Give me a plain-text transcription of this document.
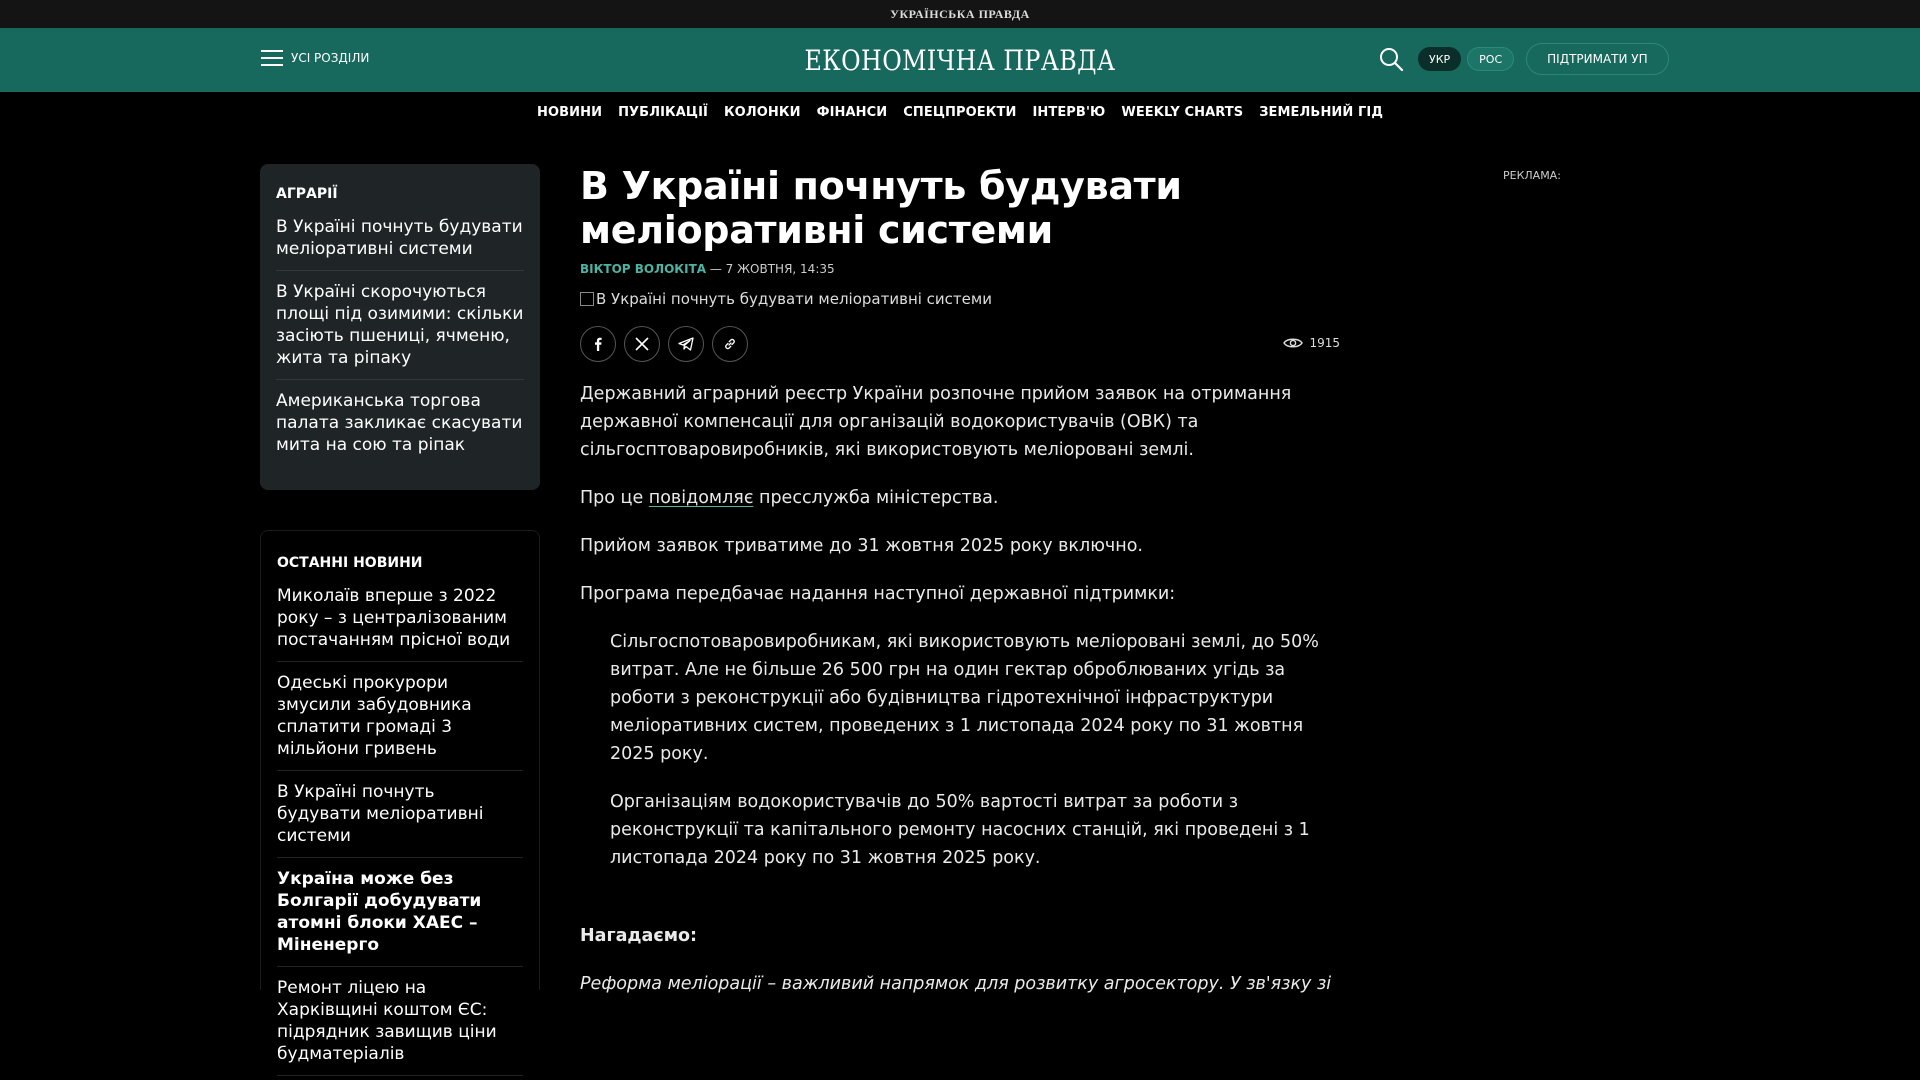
УКРАЇНСЬКА ПРАВДА
УСІ РОЗДІЛИ	ЕКОНОМІЧНА ПРАВДА	УКР	РОС	ПІДТРИМАТИ УП
НОВИНИ ПУБЛІКАЦІЇ КОЛОНКИ ФІНАНСИ СПЕЦПРОЕКТИ ІНТЕРВ'Ю WEEKLY CHARTS ЗЕМЕЛЬНИЙ ГІД
АГРАРІЇ
В Україні почнуть будувати меліоративні системи
В Україні скорочуються площі під озимими: скільки засіють пшениці, ячменю, жита та ріпаку
Американська торгова палата закликає скасувати мита на сою та ріпак
ОСТАННІ НОВИНИ
Миколаїв вперше з 2022 року – з централізованим постачанням прісної води
Одеські прокурори змусили забудовника сплатити громаді 3 мільйони гривень
В Україні почнуть будувати меліоративні системи
Україна може без Болгарії добудувати атомні блоки ХАЕС – Міненерго
Ремонт ліцею на Харківщині коштом ЄС: підрядник завищив ціни будматеріалів
В Україні почнуть будувати меліоративні системи
ВІКТОР ВОЛОКІТА — 7 ЖОВТНЯ, 14:35
В Україні почнуть будувати меліоративні системи
1915

Державний аграрний реєстр України розпочне прийом заявок на отримання державної компенсації для організацій водокористувачів (ОВК) та сільгосптоваровиробників, які використовують меліоровані землі.

Про це повідомляє пресслужба міністерства.

Прийом заявок триватиме до 31 жовтня 2025 року включно.

Програма передбачає надання наступної державної підтримки:

Сільгоспотоваровиробникам, які використовують меліоровані землі, до 50% витрат. Але не більше 26 500 грн на один гектар оброблюваних угідь за роботи з реконструкції або будівництва гідротехнічної інфраструктури меліоративних систем, проведених з 1 листопада 2024 року по 31 жовтня 2025 року.

Організаціям водокористувачів до 50% вартості витрат за роботи з реконструкції та капітального ремонту насосних станцій, які проведені з 1 листопада 2024 року по 31 жовтня 2025 року.

Нагадаємо:

Реформа меліорації – важливий напрямок для розвитку агросектору. У зв'язку зі

РЕКЛАМА:
